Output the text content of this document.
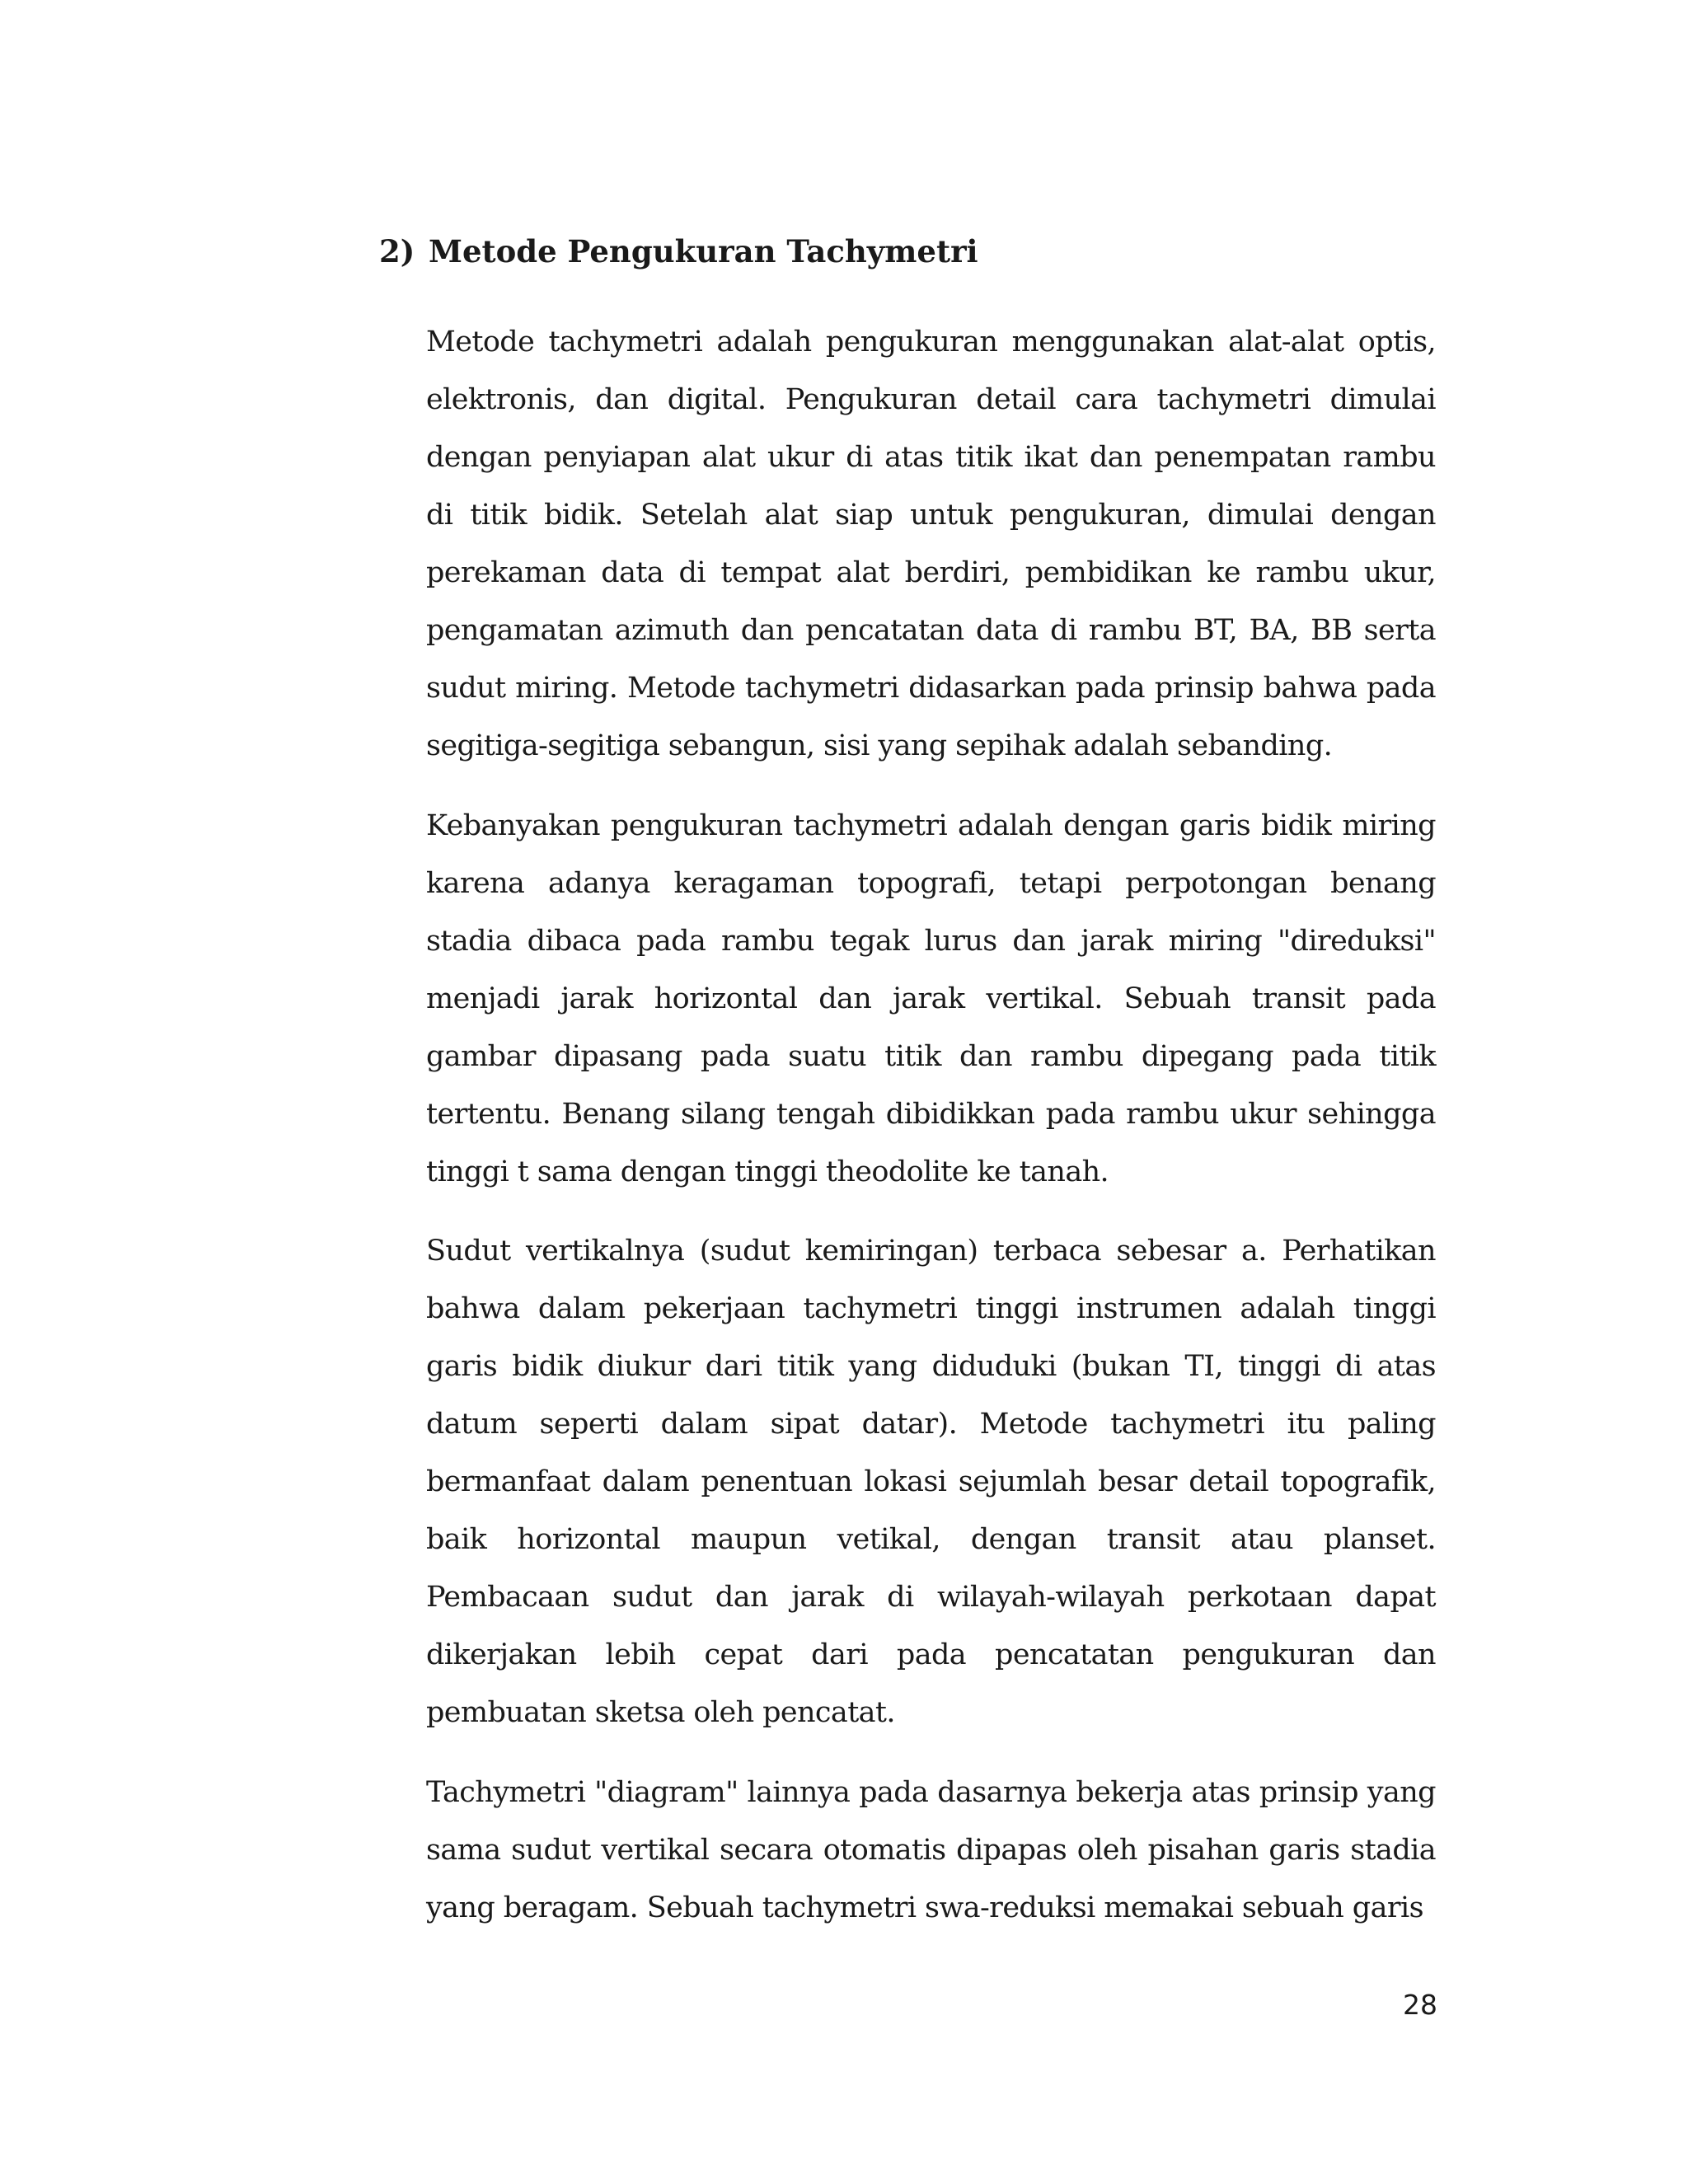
2) Metode Pengukuran Tachymetri

Metode tachymetri adalah pengukuran menggunakan alat-alat optis, elektronis, dan digital. Pengukuran detail cara tachymetri dimulai dengan penyiapan alat ukur di atas titik ikat dan penempatan rambu di titik bidik. Setelah alat siap untuk pengukuran, dimulai dengan perekaman data di tempat alat berdiri, pembidikan ke rambu ukur, pengamatan azimuth dan pencatatan data di rambu BT, BA, BB serta sudut miring. Metode tachymetri didasarkan pada prinsip bahwa pada segitiga-segitiga sebangun, sisi yang sepihak adalah sebanding.

Kebanyakan pengukuran tachymetri adalah dengan garis bidik miring karena adanya keragaman topografi, tetapi perpotongan benang stadia dibaca pada rambu tegak lurus dan jarak miring "direduksi" menjadi jarak horizontal dan jarak vertikal. Sebuah transit pada gambar dipasang pada suatu titik dan rambu dipegang pada titik tertentu. Benang silang tengah dibidikkan pada rambu ukur sehingga tinggi t sama dengan tinggi theodolite ke tanah.

Sudut vertikalnya (sudut kemiringan) terbaca sebesar a. Perhatikan bahwa dalam pekerjaan tachymetri tinggi instrumen adalah tinggi garis bidik diukur dari titik yang diduduki (bukan TI, tinggi di atas datum seperti dalam sipat datar). Metode tachymetri itu paling bermanfaat dalam penentuan lokasi sejumlah besar detail topografik, baik horizontal maupun vetikal, dengan transit atau planset. Pembacaan sudut dan jarak di wilayah-wilayah perkotaan dapat dikerjakan lebih cepat dari pada pencatatan pengukuran dan pembuatan sketsa oleh pencatat.

Tachymetri "diagram" lainnya pada dasarnya bekerja atas prinsip yang sama sudut vertikal secara otomatis dipapas oleh pisahan garis stadia yang beragam. Sebuah tachymetri swa-reduksi memakai sebuah garis

28
